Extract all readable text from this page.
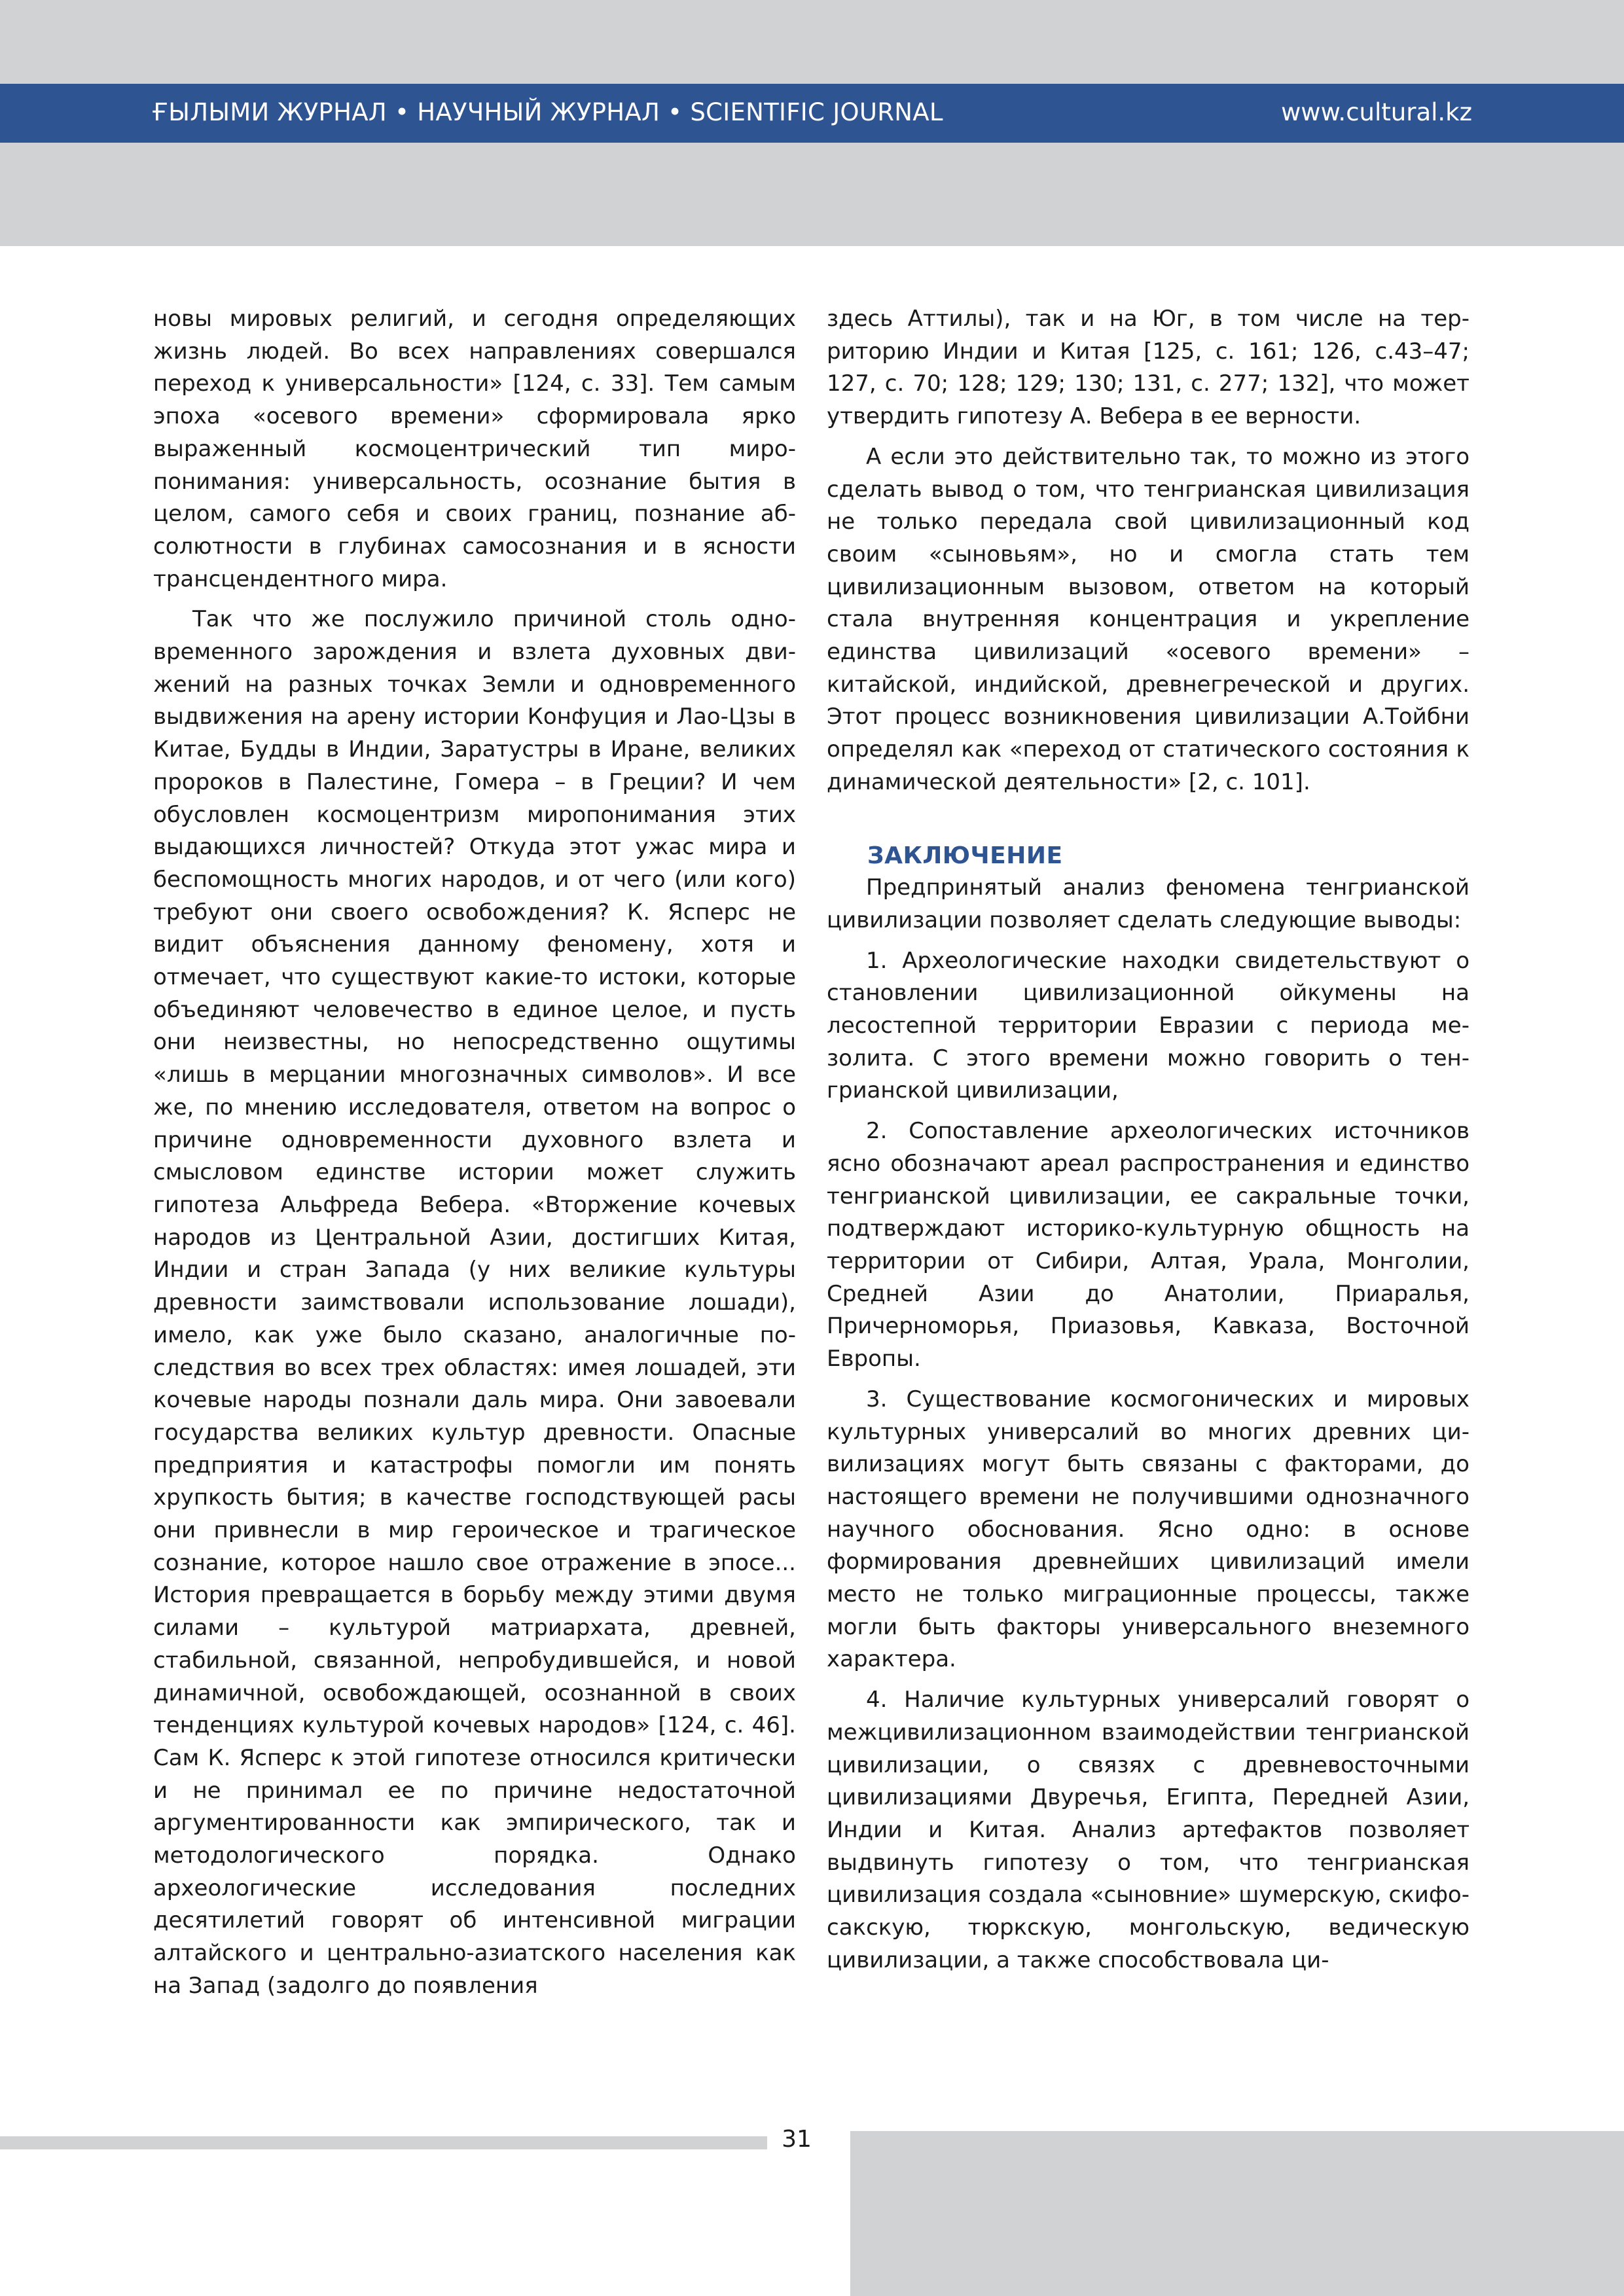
ҒЫЛЫМИ ЖУРНАЛ • НАУЧНЫЙ ЖУРНАЛ • SCIENTIFIC JOURNAL	www.cultural.kz

новы мировых религий, и сегодня определяющих жизнь людей. Во всех направлениях совершался переход к универсальности» [124, с. 33]. Тем самым эпоха «осевого времени» сформировала ярко выраженный космоцентрический тип миропонимания: универсальность, осознание бытия в целом, самого себя и своих границ, познание абсолютности в глубинах самосознания и в ясности трансцендентного мира.

Так что же послужило причиной столь одновременного зарождения и взлета духовных движений на разных точках Земли и одновременного выдвижения на арену истории Конфуция и Лао-Цзы в Китае, Будды в Индии, Заратустры в Иране, великих пророков в Палестине, Гомера – в Греции? И чем обусловлен космоцентризм миропонимания этих выдающихся личностей? Откуда этот ужас мира и беспомощность многих народов, и от чего (или кого) требуют они своего освобождения? К. Ясперс не видит объяснения данному феномену, хотя и отмечает, что существуют какие-то истоки, которые объединяют человечество в единое целое, и пусть они неизвестны, но непосредственно ощутимы «лишь в мерцании многозначных символов». И все же, по мнению исследователя, ответом на вопрос о причине одновременности духовного взлета и смысловом единстве истории может служить гипотеза Альфреда Вебера. «Вторжение кочевых народов из Центральной Азии, достигших Китая, Индии и стран Запада (у них великие культуры древности заимствовали использование лошади), имело, как уже было сказано, аналогичные последствия во всех трех областях: имея лошадей, эти кочевые народы познали даль мира. Они завоевали государства великих культур древности. Опасные предприятия и катастрофы помогли им понять хрупкость бытия; в качестве господствующей расы они привнесли в мир героическое и трагическое сознание, которое нашло свое отражение в эпосе... История превращается в борьбу между этими двумя силами – культурой матриархата, древней, стабильной, связанной, непробудившейся, и новой динамичной, освобождающей, осознанной в своих тенденциях культурой кочевых народов» [124, с. 46]. Сам К. Ясперс к этой гипотезе относился критически и не принимал ее по причине недостаточной аргументированности как эмпирического, так и методологического порядка. Однако археологические исследования последних десятилетий говорят об интенсивной миграции алтайского и центрально-азиатского населения как на Запад (задолго до появления

здесь Аттилы), так и на Юг, в том числе на территорию Индии и Китая [125, с. 161; 126, с.43–47; 127, с. 70; 128; 129; 130; 131, с. 277; 132], что может утвердить гипотезу А. Вебера в ее верности.

А если это действительно так, то можно из этого сделать вывод о том, что тенгрианская цивилизация не только передала свой цивилизационный код своим «сыновьям», но и смогла стать тем цивилизационным вызовом, ответом на который стала внутренняя концентрация и укрепление единства цивилизаций «осевого времени» – китайской, индийской, древнегреческой и других. Этот процесс возникновения цивилизации А.Тойбни определял как «переход от статического состояния к динамической деятельности» [2, с. 101].

ЗАКЛЮЧЕНИЕ

Предпринятый анализ феномена тенгрианской цивилизации позволяет сделать следующие выводы:

1. Археологические находки свидетельствуют о становлении цивилизационной ойкумены на лесостепной территории Евразии с периода мезолита. С этого времени можно говорить о тенгрианской цивилизации,

2. Сопоставление археологических источников ясно обозначают ареал распространения и единство тенгрианской цивилизации, ее сакральные точки, подтверждают историко-культурную общность на территории от Сибири, Алтая, Урала, Монголии, Средней Азии до Анатолии, Приаралья, Причерноморья, Приазовья, Кавказа, Восточной Европы.

3. Существование космогонических и мировых культурных универсалий во многих древних цивилизациях могут быть связаны с факторами, до настоящего времени не получившими однозначного научного обоснования. Ясно одно: в основе формирования древнейших цивилизаций имели место не только миграционные процессы, также могли быть факторы универсального внеземного характера.

4. Наличие культурных универсалий говорят о межцивилизационном взаимодействии тенгрианской цивилизации, о связях с древневосточными цивилизациями Двуречья, Египта, Передней Азии, Индии и Китая. Анализ артефактов позволяет выдвинуть гипотезу о том, что тенгрианская цивилизация создала «сыновние» шумерскую, скифо-сакскую, тюркскую, монгольскую, ведическую цивилизации, а также способствовала ци-

31
